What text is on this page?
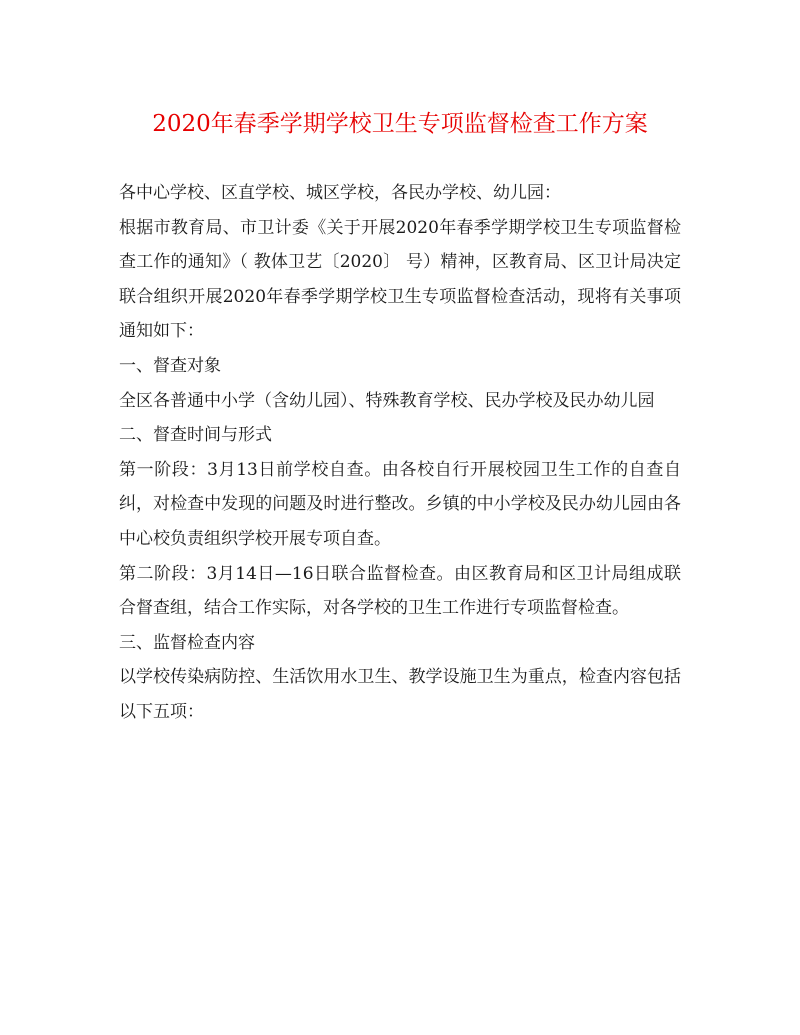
2020年春季学期学校卫生专项监督检查工作方案

各中心学校、区直学校、城区学校，各民办学校、幼儿园：

根据市教育局、市卫计委《关于开展2020年春季学期学校卫生专项监督检查工作的通知》（ 教体卫艺〔2020〕 号）精神，区教育局、区卫计局决定联合组织开展2020年春季学期学校卫生专项监督检查活动，现将有关事项通知如下：

一、督查对象

全区各普通中小学（含幼儿园）、特殊教育学校、民办学校及民办幼儿园

二、督查时间与形式

第一阶段：3月13日前学校自查。由各校自行开展校园卫生工作的自查自纠，对检查中发现的问题及时进行整改。乡镇的中小学校及民办幼儿园由各中心校负责组织学校开展专项自查。

第二阶段：3月14日—16日联合监督检查。由区教育局和区卫计局组成联合督查组，结合工作实际，对各学校的卫生工作进行专项监督检查。

三、监督检查内容

以学校传染病防控、生活饮用水卫生、教学设施卫生为重点，检查内容包括以下五项：
